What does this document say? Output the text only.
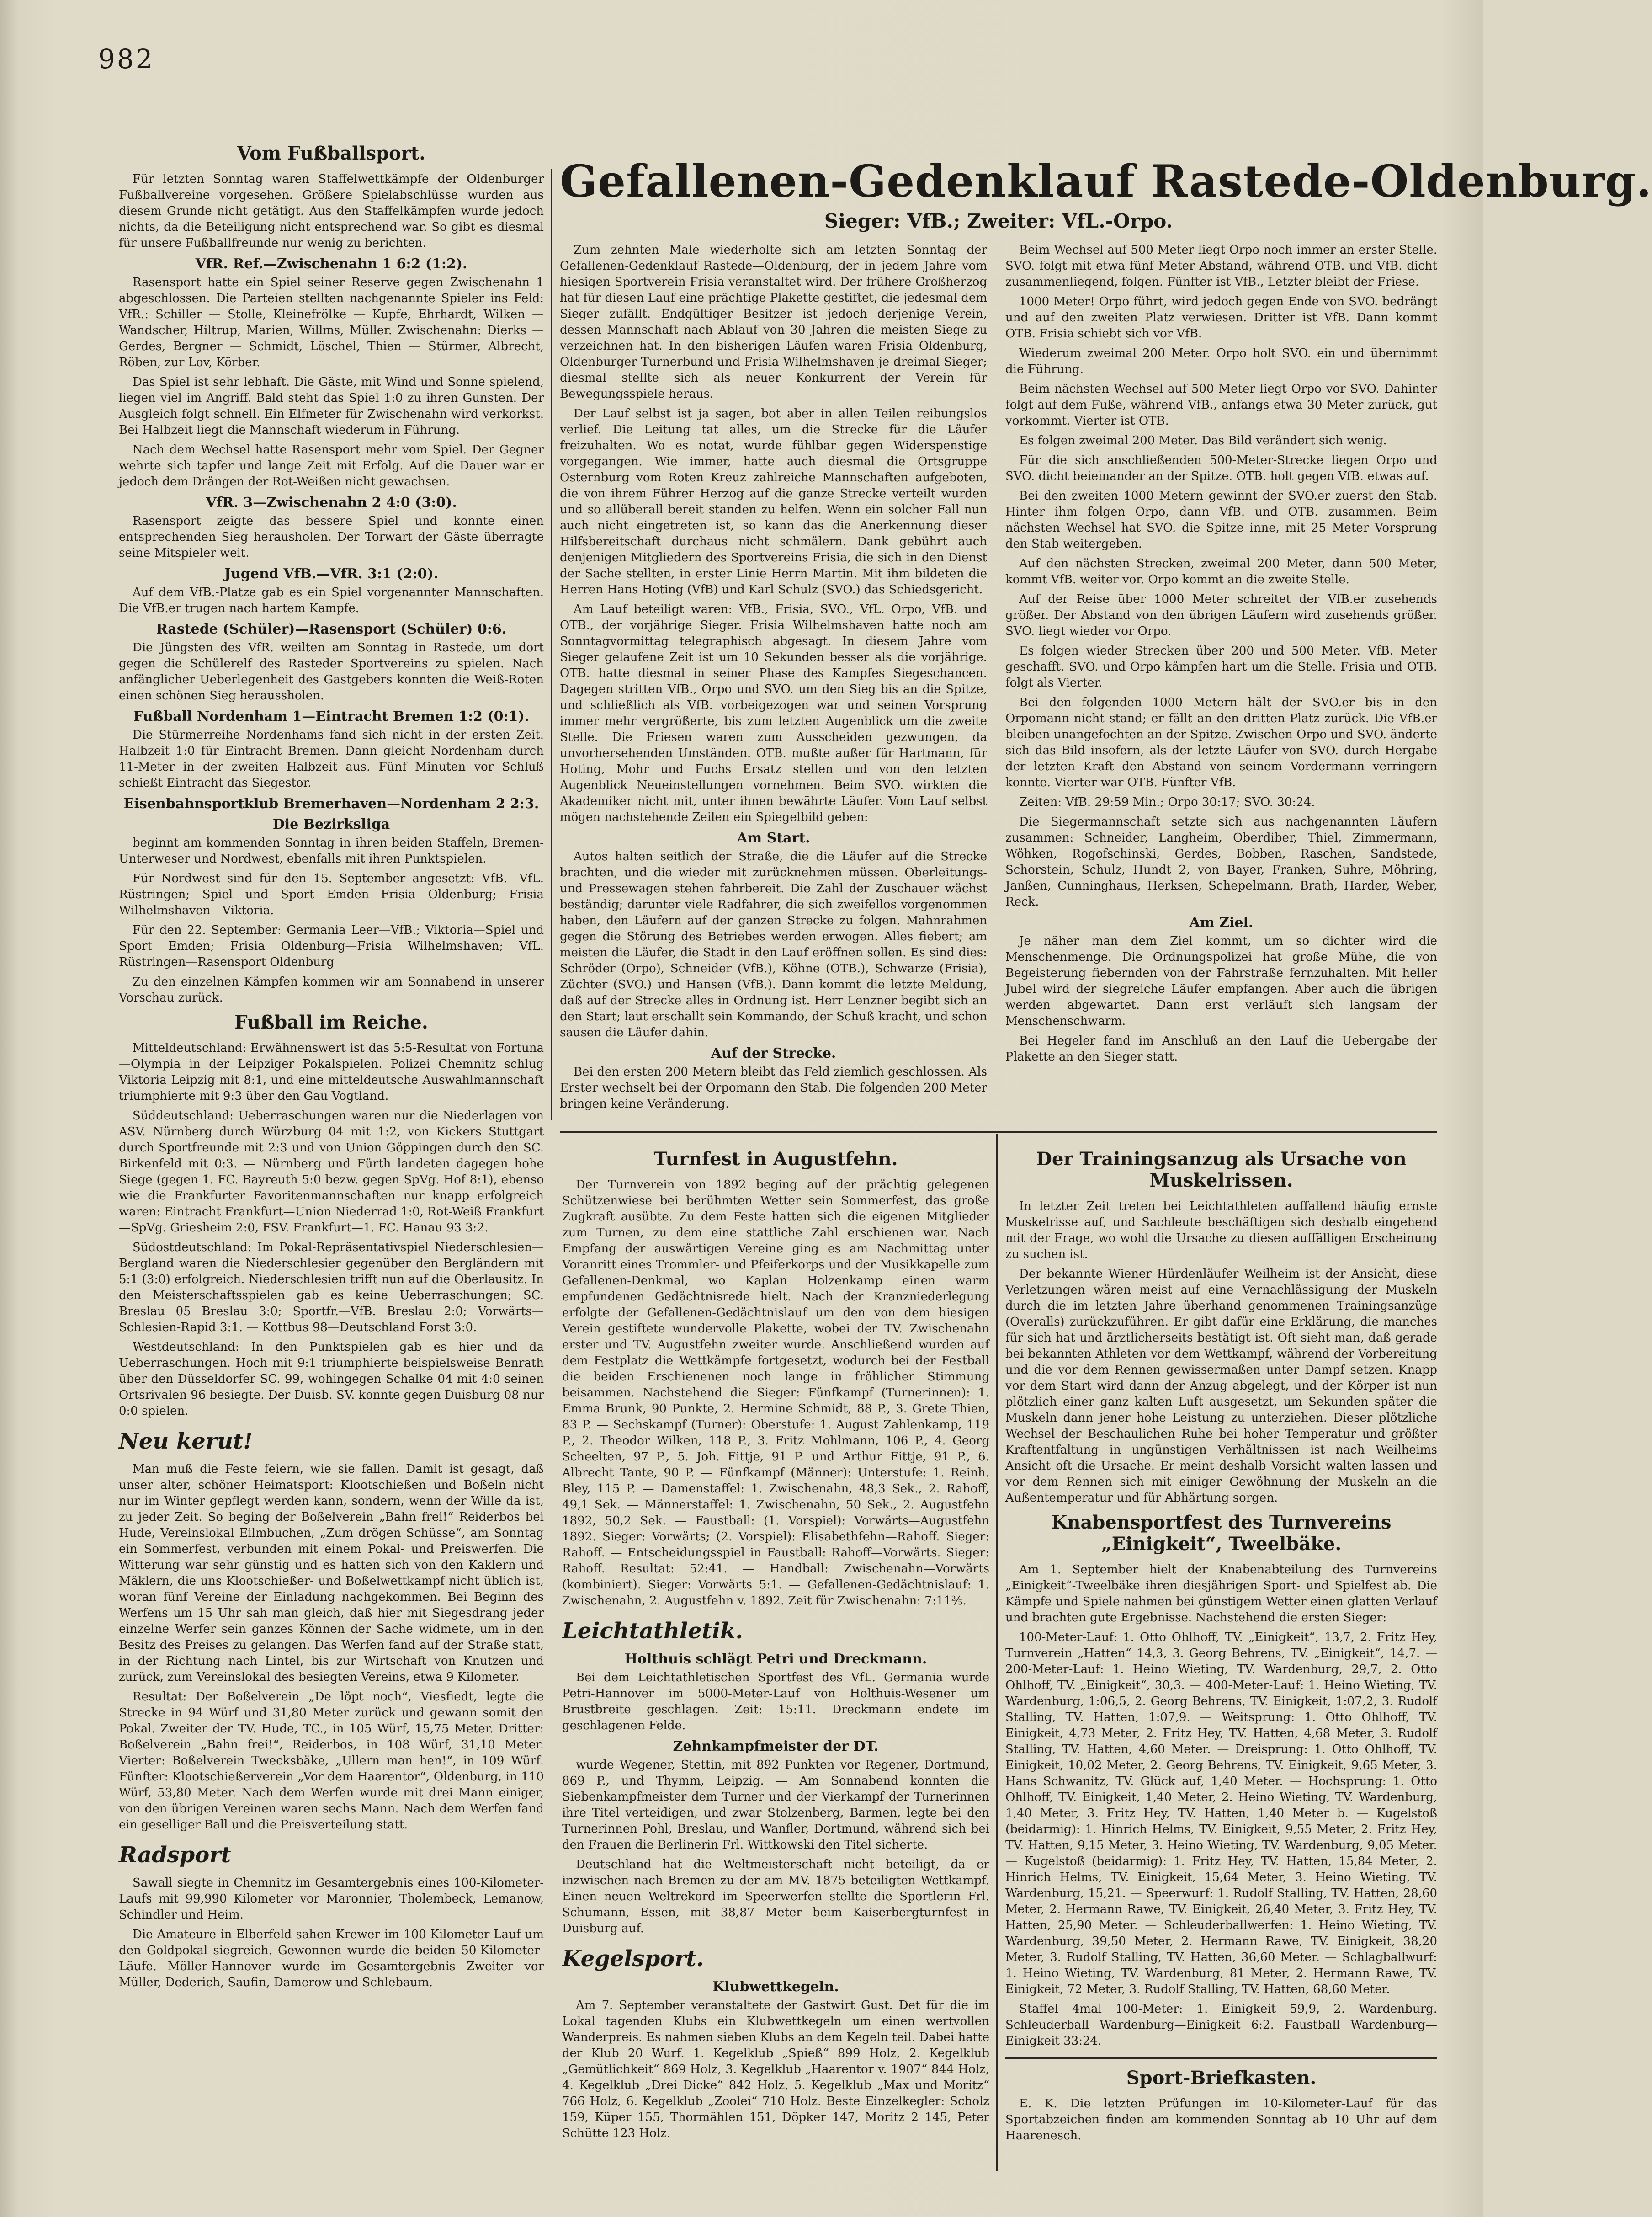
982
Vom Fußballsport.

Für letzten Sonntag waren Staffelwettkämpfe der Oldenburger Fußballvereine vorgesehen. Größere Spielabschlüsse wurden aus diesem Grunde nicht getätigt. Aus den Staffelkämpfen wurde jedoch nichts, da die Beteiligung nicht entsprechend war. So gibt es diesmal für unsere Fußballfreunde nur wenig zu berichten.

VfR. Ref.—Zwischenahn 1 6:2 (1:2).

Rasensport hatte ein Spiel seiner Reserve gegen Zwischenahn 1 abgeschlossen. Die Parteien stellten nachgenannte Spieler ins Feld: VfR.: Schiller — Stolle, Kleinefrölke — Kupfe, Ehrhardt, Wilken — Wandscher, Hiltrup, Marien, Willms, Müller. Zwischenahn: Dierks — Gerdes, Bergner — Schmidt, Löschel, Thien — Stürmer, Albrecht, Röben, zur Lov, Körber.

Das Spiel ist sehr lebhaft. Die Gäste, mit Wind und Sonne spielend, liegen viel im Angriff. Bald steht das Spiel 1:0 zu ihren Gunsten. Der Ausgleich folgt schnell. Ein Elfmeter für Zwischenahn wird verkorkst. Bei Halbzeit liegt die Mannschaft wiederum in Führung.

Nach dem Wechsel hatte Rasensport mehr vom Spiel. Der Gegner wehrte sich tapfer und lange Zeit mit Erfolg. Auf die Dauer war er jedoch dem Drängen der Rot-Weißen nicht gewachsen.

VfR. 3—Zwischenahn 2 4:0 (3:0).

Rasensport zeigte das bessere Spiel und konnte einen entsprechenden Sieg herausholen. Der Torwart der Gäste überragte seine Mitspieler weit.

Jugend VfB.—VfR. 3:1 (2:0).

Auf dem VfB.-Platze gab es ein Spiel vorgenannter Mannschaften. Die VfB.er trugen nach hartem Kampfe.

Rastede (Schüler)—Rasensport (Schüler) 0:6.

Die Jüngsten des VfR. weilten am Sonntag in Rastede, um dort gegen die Schülerelf des Rasteder Sportvereins zu spielen. Nach anfänglicher Ueberlegenheit des Gastgebers konnten die Weiß-Roten einen schönen Sieg heraussholen.

Fußball Nordenham 1—Eintracht Bremen 1:2 (0:1).

Die Stürmerreihe Nordenhams fand sich nicht in der ersten Zeit. Halbzeit 1:0 für Eintracht Bremen. Dann gleicht Nordenham durch 11-Meter in der zweiten Halbzeit aus. Fünf Minuten vor Schluß schießt Eintracht das Siegestor.

Eisenbahnsportklub Bremerhaven—Nordenham 2 2:3.
Die Bezirksliga

beginnt am kommenden Sonntag in ihren beiden Staffeln, Bremen-Unterweser und Nordwest, ebenfalls mit ihren Punktspielen.

Für Nordwest sind für den 15. September angesetzt: VfB.—VfL. Rüstringen; Spiel und Sport Emden—Frisia Oldenburg; Frisia Wilhelmshaven—Viktoria.

Für den 22. September: Germania Leer—VfB.; Viktoria—Spiel und Sport Emden; Frisia Oldenburg—Frisia Wilhelmshaven; VfL. Rüstringen—Rasensport Oldenburg

Zu den einzelnen Kämpfen kommen wir am Sonnabend in unserer Vorschau zurück.

Fußball im Reiche.

Mitteldeutschland: Erwähnenswert ist das 5:5-Resultat von Fortuna—Olympia in der Leipziger Pokalspielen. Polizei Chemnitz schlug Viktoria Leipzig mit 8:1, und eine mitteldeutsche Auswahlmannschaft triumphierte mit 9:3 über den Gau Vogtland.

Süddeutschland: Ueberraschungen waren nur die Niederlagen von ASV. Nürnberg durch Würzburg 04 mit 1:2, von Kickers Stuttgart durch Sportfreunde mit 2:3 und von Union Göppingen durch den SC. Birkenfeld mit 0:3. — Nürnberg und Fürth landeten dagegen hohe Siege (gegen 1. FC. Bayreuth 5:0 bezw. gegen SpVg. Hof 8:1), ebenso wie die Frankfurter Favoritenmannschaften nur knapp erfolgreich waren: Eintracht Frankfurt—Union Niederrad 1:0, Rot-Weiß Frankfurt—SpVg. Griesheim 2:0, FSV. Frankfurt—1. FC. Hanau 93 3:2.

Südostdeutschland: Im Pokal-Repräsentativspiel Niederschlesien—Bergland waren die Niederschlesier gegenüber den Bergländern mit 5:1 (3:0) erfolgreich. Niederschlesien trifft nun auf die Oberlausitz. In den Meisterschaftsspielen gab es keine Ueberraschungen; SC. Breslau 05 Breslau 3:0; Sportfr.—VfB. Breslau 2:0; Vorwärts—Schlesien-Rapid 3:1. — Kottbus 98—Deutschland Forst 3:0.

Westdeutschland: In den Punktspielen gab es hier und da Ueberraschungen. Hoch mit 9:1 triumphierte beispielsweise Benrath über den Düsseldorfer SC. 99, wohingegen Schalke 04 mit 4:0 seinen Ortsrivalen 96 besiegte. Der Duisb. SV. konnte gegen Duisburg 08 nur 0:0 spielen.

Neu kerut!

Man muß die Feste feiern, wie sie fallen. Damit ist gesagt, daß unser alter, schöner Heimatsport: Klootschießen und Boßeln nicht nur im Winter gepflegt werden kann, sondern, wenn der Wille da ist, zu jeder Zeit. So beging der Boßelverein „Bahn frei!“ Reiderbos bei Hude, Vereinslokal Eilmbuchen, „Zum drögen Schüsse“, am Sonntag ein Sommerfest, verbunden mit einem Pokal- und Preiswerfen. Die Witterung war sehr günstig und es hatten sich von den Kaklern und Mäklern, die uns Klootschießer- und Boßelwettkampf nicht üblich ist, woran fünf Vereine der Einladung nachgekommen. Bei Beginn des Werfens um 15 Uhr sah man gleich, daß hier mit Siegesdrang jeder einzelne Werfer sein ganzes Können der Sache widmete, um in den Besitz des Preises zu gelangen. Das Werfen fand auf der Straße statt, in der Richtung nach Lintel, bis zur Wirtschaft von Knutzen und zurück, zum Vereinslokal des besiegten Vereins, etwa 9 Kilometer.

Resultat: Der Boßelverein „De löpt noch“, Viesfiedt, legte die Strecke in 94 Würf und 31,80 Meter zurück und gewann somit den Pokal. Zweiter der TV. Hude, TC., in 105 Würf, 15,75 Meter. Dritter: Boßelverein „Bahn frei!“, Reiderbos, in 108 Würf, 31,10 Meter. Vierter: Boßelverein Twecksbäke, „Ullern man hen!“, in 109 Würf. Fünfter: Klootschießerverein „Vor dem Haarentor“, Oldenburg, in 110 Würf, 53,80 Meter. Nach dem Werfen wurde mit drei Mann einiger, von den übrigen Vereinen waren sechs Mann. Nach dem Werfen fand ein geselliger Ball und die Preisverteilung statt.

Radsport

Sawall siegte in Chemnitz im Gesamtergebnis eines 100-Kilometer-Laufs mit 99,990 Kilometer vor Maronnier, Tholembeck, Lemanow, Schindler und Heim.

Die Amateure in Elberfeld sahen Krewer im 100-Kilometer-Lauf um den Goldpokal siegreich. Gewonnen wurde die beiden 50-Kilometer-Läufe. Möller-Hannover wurde im Gesamtergebnis Zweiter vor Müller, Dederich, Saufin, Damerow und Schlebaum.

Gefallenen-Gedenklauf Rastede-Oldenburg.
Sieger: VfB.; Zweiter: VfL.-Orpo.

Zum zehnten Male wiederholte sich am letzten Sonntag der Gefallenen-Gedenklauf Rastede—Oldenburg, der in jedem Jahre vom hiesigen Sportverein Frisia veranstaltet wird. Der frühere Großherzog hat für diesen Lauf eine prächtige Plakette gestiftet, die jedesmal dem Sieger zufällt. Endgültiger Besitzer ist jedoch derjenige Verein, dessen Mannschaft nach Ablauf von 30 Jahren die meisten Siege zu verzeichnen hat. In den bisherigen Läufen waren Frisia Oldenburg, Oldenburger Turnerbund und Frisia Wilhelmshaven je dreimal Sieger; diesmal stellte sich als neuer Konkurrent der Verein für Bewegungsspiele heraus.

Der Lauf selbst ist ja sagen, bot aber in allen Teilen reibungslos verlief. Die Leitung tat alles, um die Strecke für die Läufer freizuhalten. Wo es notat, wurde fühlbar gegen Widerspenstige vorgegangen. Wie immer, hatte auch diesmal die Ortsgruppe Osternburg vom Roten Kreuz zahlreiche Mannschaften aufgeboten, die von ihrem Führer Herzog auf die ganze Strecke verteilt wurden und so allüberall bereit standen zu helfen. Wenn ein solcher Fall nun auch nicht eingetreten ist, so kann das die Anerkennung dieser Hilfsbereitschaft durchaus nicht schmälern. Dank gebührt auch denjenigen Mitgliedern des Sportvereins Frisia, die sich in den Dienst der Sache stellten, in erster Linie Herrn Martin. Mit ihm bildeten die Herren Hans Hoting (VfB) und Karl Schulz (SVO.) das Schiedsgericht.

Am Lauf beteiligt waren: VfB., Frisia, SVO., VfL. Orpo, VfB. und OTB., der vorjährige Sieger. Frisia Wilhelmshaven hatte noch am Sonntagvormittag telegraphisch abgesagt. In diesem Jahre vom Sieger gelaufene Zeit ist um 10 Sekunden besser als die vorjährige. OTB. hatte diesmal in seiner Phase des Kampfes Siegeschancen. Dagegen stritten VfB., Orpo und SVO. um den Sieg bis an die Spitze, und schließlich als VfB. vorbeigezogen war und seinen Vorsprung immer mehr vergrößerte, bis zum letzten Augenblick um die zweite Stelle. Die Friesen waren zum Ausscheiden gezwungen, da unvorhersehenden Umständen. OTB. mußte außer für Hartmann, für Hoting, Mohr und Fuchs Ersatz stellen und von den letzten Augenblick Neueinstellungen vornehmen. Beim SVO. wirkten die Akademiker nicht mit, unter ihnen bewährte Läufer. Vom Lauf selbst mögen nachstehende Zeilen ein Spiegelbild geben:

Am Start.

Autos halten seitlich der Straße, die die Läufer auf die Strecke brachten, und die wieder mit zurücknehmen müssen. Oberleitungs- und Pressewagen stehen fahrbereit. Die Zahl der Zuschauer wächst beständig; darunter viele Radfahrer, die sich zweifellos vorgenommen haben, den Läufern auf der ganzen Strecke zu folgen. Mahnrahmen gegen die Störung des Betriebes werden erwogen. Alles fiebert; am meisten die Läufer, die Stadt in den Lauf eröffnen sollen. Es sind dies: Schröder (Orpo), Schneider (VfB.), Köhne (OTB.), Schwarze (Frisia), Züchter (SVO.) und Hansen (VfB.). Dann kommt die letzte Meldung, daß auf der Strecke alles in Ordnung ist. Herr Lenzner begibt sich an den Start; laut erschallt sein Kommando, der Schuß kracht, und schon sausen die Läufer dahin.

Auf der Strecke.

Bei den ersten 200 Metern bleibt das Feld ziemlich geschlossen. Als Erster wechselt bei der Orpomann den Stab. Die folgenden 200 Meter bringen keine Veränderung.

Beim Wechsel auf 500 Meter liegt Orpo noch immer an erster Stelle. SVO. folgt mit etwa fünf Meter Abstand, während OTB. und VfB. dicht zusammenliegend, folgen. Fünfter ist VfB., Letzter bleibt der Friese.

1000 Meter! Orpo führt, wird jedoch gegen Ende von SVO. bedrängt und auf den zweiten Platz verwiesen. Dritter ist VfB. Dann kommt OTB. Frisia schiebt sich vor VfB.

Wiederum zweimal 200 Meter. Orpo holt SVO. ein und übernimmt die Führung.

Beim nächsten Wechsel auf 500 Meter liegt Orpo vor SVO. Dahinter folgt auf dem Fuße, während VfB., anfangs etwa 30 Meter zurück, gut vorkommt. Vierter ist OTB.

Es folgen zweimal 200 Meter. Das Bild verändert sich wenig.

Für die sich anschließenden 500-Meter-Strecke liegen Orpo und SVO. dicht beieinander an der Spitze. OTB. holt gegen VfB. etwas auf.

Bei den zweiten 1000 Metern gewinnt der SVO.er zuerst den Stab. Hinter ihm folgen Orpo, dann VfB. und OTB. zusammen. Beim nächsten Wechsel hat SVO. die Spitze inne, mit 25 Meter Vorsprung den Stab weitergeben.

Auf den nächsten Strecken, zweimal 200 Meter, dann 500 Meter, kommt VfB. weiter vor. Orpo kommt an die zweite Stelle.

Auf der Reise über 1000 Meter schreitet der VfB.er zusehends größer. Der Abstand von den übrigen Läufern wird zusehends größer. SVO. liegt wieder vor Orpo.

Es folgen wieder Strecken über 200 und 500 Meter. VfB. Meter geschafft. SVO. und Orpo kämpfen hart um die Stelle. Frisia und OTB. folgt als Vierter.

Bei den folgenden 1000 Metern hält der SVO.er bis in den Orpomann nicht stand; er fällt an den dritten Platz zurück. Die VfB.er bleiben unangefochten an der Spitze. Zwischen Orpo und SVO. änderte sich das Bild insofern, als der letzte Läufer von SVO. durch Hergabe der letzten Kraft den Abstand von seinem Vordermann verringern konnte. Vierter war OTB. Fünfter VfB.

Zeiten: VfB. 29:59 Min.; Orpo 30:17; SVO. 30:24.

Die Siegermannschaft setzte sich aus nachgenannten Läufern zusammen: Schneider, Langheim, Oberdiber, Thiel, Zimmermann, Wöhken, Rogofschinski, Gerdes, Bobben, Raschen, Sandstede, Schorstein, Schulz, Hundt 2, von Bayer, Franken, Suhre, Möhring, Janßen, Cunninghaus, Herksen, Schepelmann, Brath, Harder, Weber, Reck.

Am Ziel.

Je näher man dem Ziel kommt, um so dichter wird die Menschenmenge. Die Ordnungspolizei hat große Mühe, die von Begeisterung fiebernden von der Fahrstraße fernzuhalten. Mit heller Jubel wird der siegreiche Läufer empfangen. Aber auch die übrigen werden abgewartet. Dann erst verläuft sich langsam der Menschenschwarm.

Bei Hegeler fand im Anschluß an den Lauf die Uebergabe der Plakette an den Sieger statt.

Turnfest in Augustfehn.

Der Turnverein von 1892 beging auf der prächtig gelegenen Schützenwiese bei berühmten Wetter sein Sommerfest, das große Zugkraft ausübte. Zu dem Feste hatten sich die eigenen Mitglieder zum Turnen, zu dem eine stattliche Zahl erschienen war. Nach Empfang der auswärtigen Vereine ging es am Nachmittag unter Voranritt eines Trommler- und Pfeiferkorps und der Musikkapelle zum Gefallenen-Denkmal, wo Kaplan Holzenkamp einen warm empfundenen Gedächtnisrede hielt. Nach der Kranzniederlegung erfolgte der Gefallenen-Gedächtnislauf um den von dem hiesigen Verein gestiftete wundervolle Plakette, wobei der TV. Zwischenahn erster und TV. Augustfehn zweiter wurde. Anschließend wurden auf dem Festplatz die Wettkämpfe fortgesetzt, wodurch bei der Festball die beiden Erschienenen noch lange in fröhlicher Stimmung beisammen. Nachstehend die Sieger: Fünfkampf (Turnerinnen): 1. Emma Brunk, 90 Punkte, 2. Hermine Schmidt, 88 P., 3. Grete Thien, 83 P. — Sechskampf (Turner): Oberstufe: 1. August Zahlenkamp, 119 P., 2. Theodor Wilken, 118 P., 3. Fritz Mohlmann, 106 P., 4. Georg Scheelten, 97 P., 5. Joh. Fittje, 91 P. und Arthur Fittje, 91 P., 6. Albrecht Tante, 90 P. — Fünfkampf (Männer): Unterstufe: 1. Reinh. Bley, 115 P. — Damenstaffel: 1. Zwischenahn, 48,3 Sek., 2. Rahoff, 49,1 Sek. — Männerstaffel: 1. Zwischenahn, 50 Sek., 2. Augustfehn 1892, 50,2 Sek. — Faustball: (1. Vorspiel): Vorwärts—Augustfehn 1892. Sieger: Vorwärts; (2. Vorspiel): Elisabethfehn—Rahoff. Sieger: Rahoff. — Entscheidungsspiel in Faustball: Rahoff—Vorwärts. Sieger: Rahoff. Resultat: 52:41. — Handball: Zwischenahn—Vorwärts (kombiniert). Sieger: Vorwärts 5:1. — Gefallenen-Gedächtnislauf: 1. Zwischenahn, 2. Augustfehn v. 1892. Zeit für Zwischenahn: 7:11⅖.

Leichtathletik.
Holthuis schlägt Petri und Dreckmann.

Bei dem Leichtathletischen Sportfest des VfL. Germania wurde Petri-Hannover im 5000-Meter-Lauf von Holthuis-Wesener um Brustbreite geschlagen. Zeit: 15:11. Dreckmann endete im geschlagenen Felde.

Zehnkampfmeister der DT.

wurde Wegener, Stettin, mit 892 Punkten vor Regener, Dortmund, 869 P., und Thymm, Leipzig. — Am Sonnabend konnten die Siebenkampfmeister dem Turner und der Vierkampf der Turnerinnen ihre Titel verteidigen, und zwar Stolzenberg, Barmen, legte bei den Turnerinnen Pohl, Breslau, und Wanfler, Dortmund, während sich bei den Frauen die Berlinerin Frl. Wittkowski den Titel sicherte.

Deutschland hat die Weltmeisterschaft nicht beteiligt, da er inzwischen nach Bremen zu der am MV. 1875 beteiligten Wettkampf. Einen neuen Weltrekord im Speerwerfen stellte die Sportlerin Frl. Schumann, Essen, mit 38,87 Meter beim Kaiserbergturnfest in Duisburg auf.

Kegelsport.
Klubwettkegeln.

Am 7. September veranstaltete der Gastwirt Gust. Det für die im Lokal tagenden Klubs ein Klubwettkegeln um einen wertvollen Wanderpreis. Es nahmen sieben Klubs an dem Kegeln teil. Dabei hatte der Klub 20 Wurf. 1. Kegelklub „Spieß“ 899 Holz, 2. Kegelklub „Gemütlichkeit“ 869 Holz, 3. Kegelklub „Haarentor v. 1907“ 844 Holz, 4. Kegelklub „Drei Dicke“ 842 Holz, 5. Kegelklub „Max und Moritz“ 766 Holz, 6. Kegelklub „Zoolei“ 710 Holz. Beste Einzelkegler: Scholz 159, Küper 155, Thormählen 151, Döpker 147, Moritz 2 145, Peter Schütte 123 Holz.

Der Trainingsanzug als Ursache von Muskelrissen.

In letzter Zeit treten bei Leichtathleten auffallend häufig ernste Muskelrisse auf, und Sachleute beschäftigen sich deshalb eingehend mit der Frage, wo wohl die Ursache zu diesen auffälligen Erscheinung zu suchen ist.

Der bekannte Wiener Hürdenläufer Weilheim ist der Ansicht, diese Verletzungen wären meist auf eine Vernachlässigung der Muskeln durch die im letzten Jahre überhand genommenen Trainingsanzüge (Overalls) zurückzuführen. Er gibt dafür eine Erklärung, die manches für sich hat und ärztlicherseits bestätigt ist. Oft sieht man, daß gerade bei bekannten Athleten vor dem Wettkampf, während der Vorbereitung und die vor dem Rennen gewissermaßen unter Dampf setzen. Knapp vor dem Start wird dann der Anzug abgelegt, und der Körper ist nun plötzlich einer ganz kalten Luft ausgesetzt, um Sekunden später die Muskeln dann jener hohe Leistung zu unterziehen. Dieser plötzliche Wechsel der Beschaulichen Ruhe bei hoher Temperatur und größter Kraftentfaltung in ungünstigen Verhältnissen ist nach Weilheims Ansicht oft die Ursache. Er meint deshalb Vorsicht walten lassen und vor dem Rennen sich mit einiger Gewöhnung der Muskeln an die Außentemperatur und für Abhärtung sorgen.

Knabensportfest des Turnvereins „Einigkeit“, Tweelbäke.

Am 1. September hielt der Knabenabteilung des Turnvereins „Einigkeit“-Tweelbäke ihren diesjährigen Sport- und Spielfest ab. Die Kämpfe und Spiele nahmen bei günstigem Wetter einen glatten Verlauf und brachten gute Ergebnisse. Nachstehend die ersten Sieger:

100-Meter-Lauf: 1. Otto Ohlhoff, TV. „Einigkeit“, 13,7, 2. Fritz Hey, Turnverein „Hatten“ 14,3, 3. Georg Behrens, TV. „Einigkeit“, 14,7. — 200-Meter-Lauf: 1. Heino Wieting, TV. Wardenburg, 29,7, 2. Otto Ohlhoff, TV. „Einigkeit“, 30,3. — 400-Meter-Lauf: 1. Heino Wieting, TV. Wardenburg, 1:06,5, 2. Georg Behrens, TV. Einigkeit, 1:07,2, 3. Rudolf Stalling, TV. Hatten, 1:07,9. — Weitsprung: 1. Otto Ohlhoff, TV. Einigkeit, 4,73 Meter, 2. Fritz Hey, TV. Hatten, 4,68 Meter, 3. Rudolf Stalling, TV. Hatten, 4,60 Meter. — Dreisprung: 1. Otto Ohlhoff, TV. Einigkeit, 10,02 Meter, 2. Georg Behrens, TV. Einigkeit, 9,65 Meter, 3. Hans Schwanitz, TV. Glück auf, 1,40 Meter. — Hochsprung: 1. Otto Ohlhoff, TV. Einigkeit, 1,40 Meter, 2. Heino Wieting, TV. Wardenburg, 1,40 Meter, 3. Fritz Hey, TV. Hatten, 1,40 Meter b. — Kugelstoß (beidarmig): 1. Hinrich Helms, TV. Einigkeit, 9,55 Meter, 2. Fritz Hey, TV. Hatten, 9,15 Meter, 3. Heino Wieting, TV. Wardenburg, 9,05 Meter. — Kugelstoß (beidarmig): 1. Fritz Hey, TV. Hatten, 15,84 Meter, 2. Hinrich Helms, TV. Einigkeit, 15,64 Meter, 3. Heino Wieting, TV. Wardenburg, 15,21. — Speerwurf: 1. Rudolf Stalling, TV. Hatten, 28,60 Meter, 2. Hermann Rawe, TV. Einigkeit, 26,40 Meter, 3. Fritz Hey, TV. Hatten, 25,90 Meter. — Schleuderballwerfen: 1. Heino Wieting, TV. Wardenburg, 39,50 Meter, 2. Hermann Rawe, TV. Einigkeit, 38,20 Meter, 3. Rudolf Stalling, TV. Hatten, 36,60 Meter. — Schlagballwurf: 1. Heino Wieting, TV. Wardenburg, 81 Meter, 2. Hermann Rawe, TV. Einigkeit, 72 Meter, 3. Rudolf Stalling, TV. Hatten, 68,60 Meter.

Staffel 4mal 100-Meter: 1. Einigkeit 59,9, 2. Wardenburg. Schleuderball Wardenburg—Einigkeit 6:2. Faustball Wardenburg—Einigkeit 33:24.

Sport-Briefkasten.

E. K. Die letzten Prüfungen im 10-Kilometer-Lauf für das Sportabzeichen finden am kommenden Sonntag ab 10 Uhr auf dem Haarenesch.
